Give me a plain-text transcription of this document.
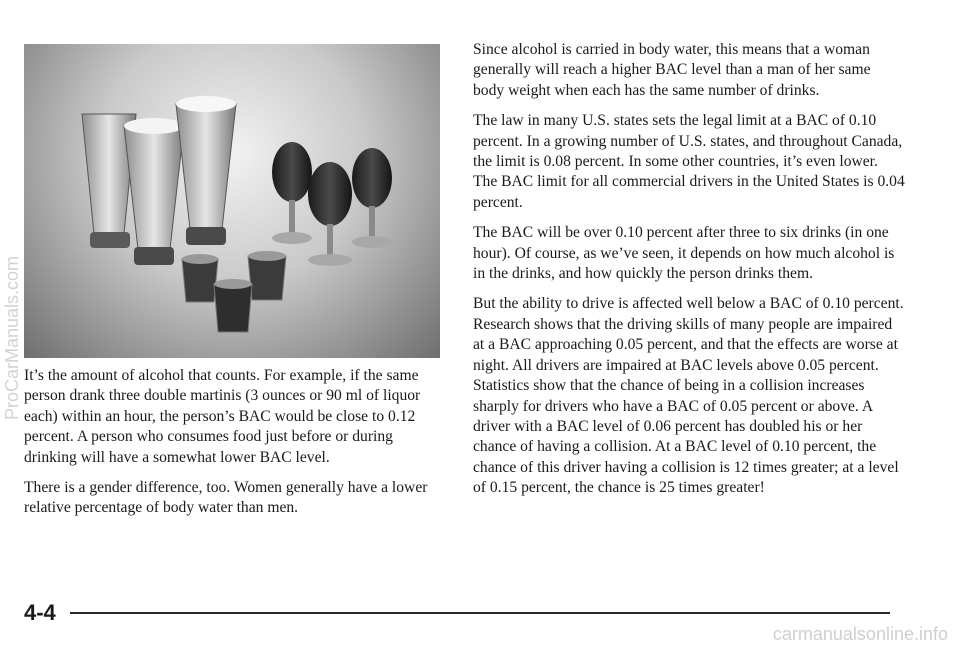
It’s the amount of alcohol that counts. For example, if the same person drank three double martinis (3 ounces or 90 ml of liquor each) within an hour, the person’s BAC would be close to 0.12 percent. A person who consumes food just before or during drinking will have a somewhat lower BAC level.

There is a gender difference, too. Women generally have a lower relative percentage of body water than men.

Since alcohol is carried in body water, this means that a woman generally will reach a higher BAC level than a man of her same body weight when each has the same number of drinks.

The law in many U.S. states sets the legal limit at a BAC of 0.10 percent. In a growing number of U.S. states, and throughout Canada, the limit is 0.08 percent. In some other countries, it’s even lower. The BAC limit for all commercial drivers in the United States is 0.04 percent.

The BAC will be over 0.10 percent after three to six drinks (in one hour). Of course, as we’ve seen, it depends on how much alcohol is in the drinks, and how quickly the person drinks them.

But the ability to drive is affected well below a BAC of 0.10 percent. Research shows that the driving skills of many people are impaired at a BAC approaching 0.05 percent, and that the effects are worse at night. All drivers are impaired at BAC levels above 0.05 percent. Statistics show that the chance of being in a collision increases sharply for drivers who have a BAC of 0.05 percent or above. A driver with a BAC level of 0.06 percent has doubled his or her chance of having a collision. At a BAC level of 0.10 percent, the chance of this driver having a collision is 12 times greater; at a level of 0.15 percent, the chance is 25 times greater!

4-4
ProCarManuals.com
carmanualsonline.info
